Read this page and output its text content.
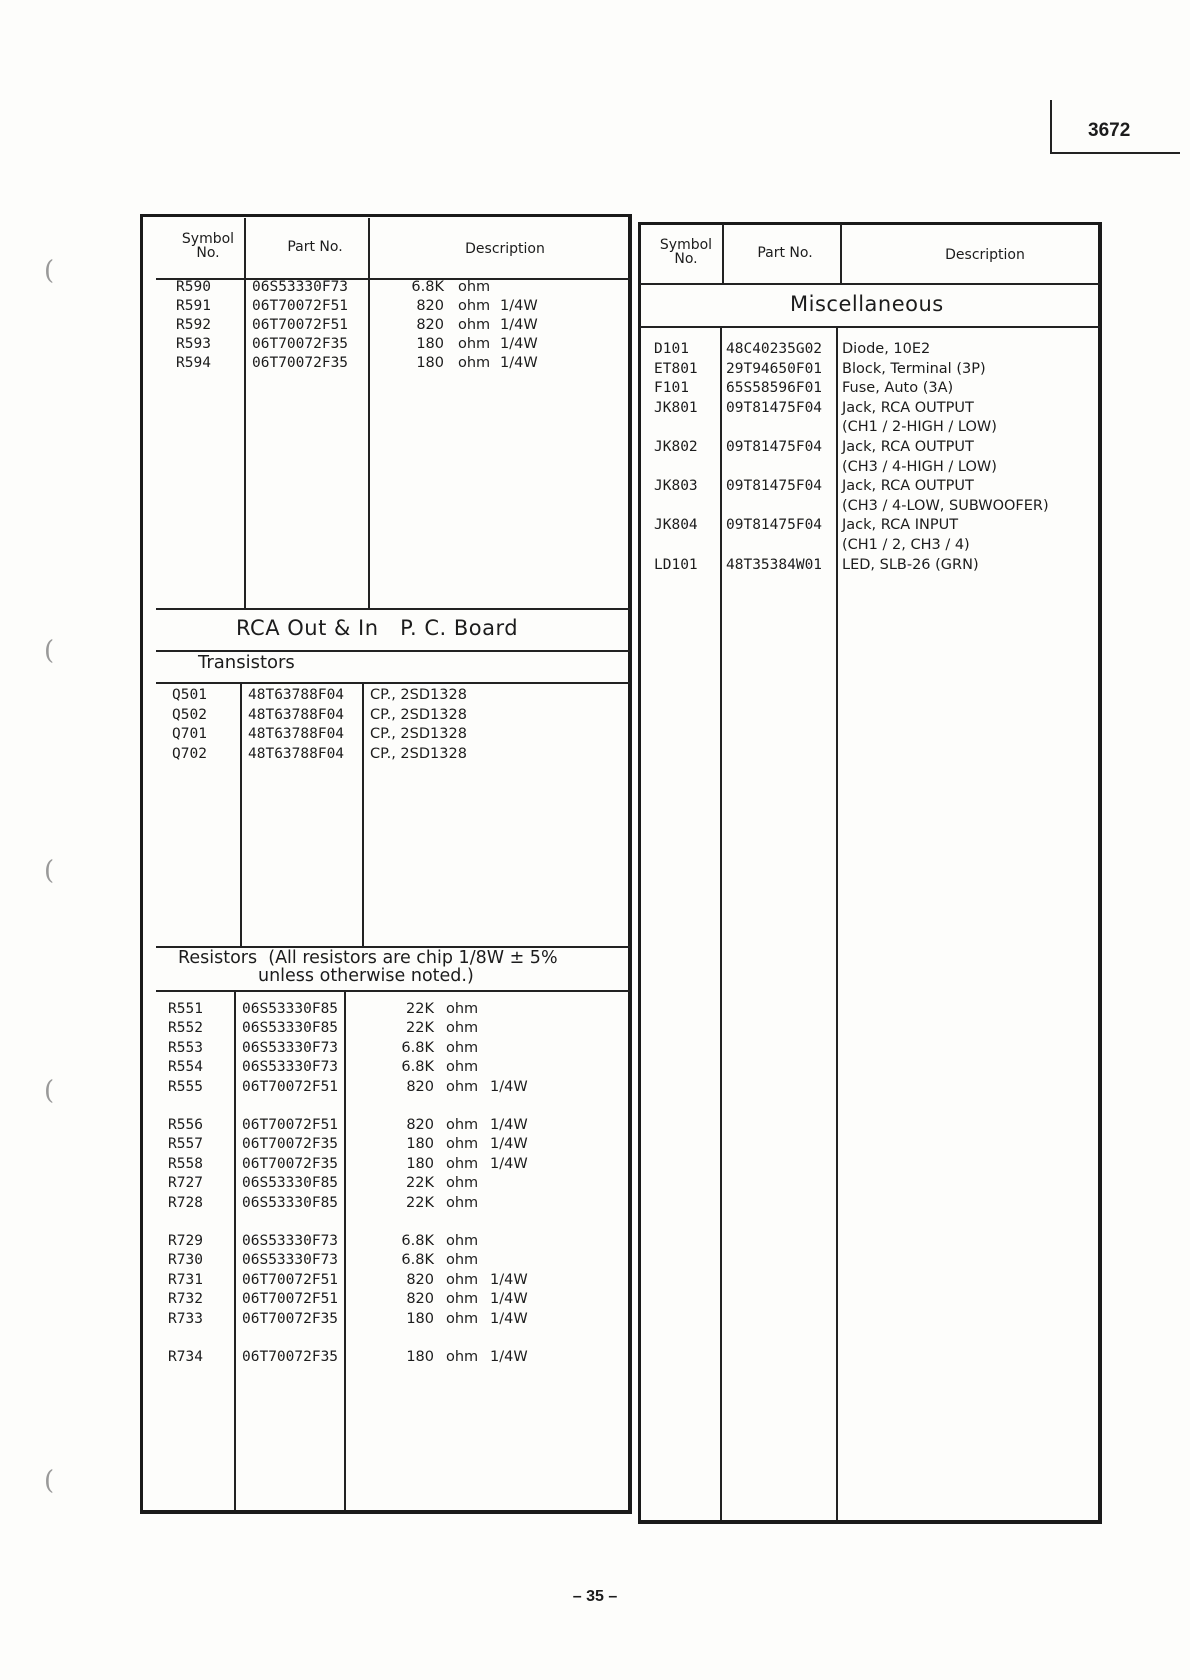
3672
(
(
(
(
(
Symbol
No.	Part No.	Description
R590	06S53330F73	6.8K ohm
R591	06T70072F51	820 ohm 1/4W
R592	06T70072F51	820 ohm 1/4W
R593	06T70072F35	180 ohm 1/4W
R594	06T70072F35	180 ohm 1/4W
RCA Out & In   P. C. Board
Transistors
Q501	48T63788F04 CP., 2SD1328
Q502	48T63788F04 CP., 2SD1328
Q701	48T63788F04 CP., 2SD1328
Q702	48T63788F04 CP., 2SD1328
Resistors  (All resistors are chip 1/8W ± 5%
unless otherwise noted.)
R551	06S53330F85	22K ohm
R552	06S53330F85	22K ohm
R553	06S53330F73	6.8K ohm
R554	06S53330F73	6.8K ohm
R555	06T70072F51	820 ohm 1/4W
R556	06T70072F51	820 ohm 1/4W
R557	06T70072F35	180 ohm 1/4W
R558	06T70072F35	180 ohm 1/4W
R727	06S53330F85	22K ohm
R728	06S53330F85	22K ohm
R729	06S53330F73	6.8K ohm
R730	06S53330F73	6.8K ohm
R731	06T70072F51	820 ohm 1/4W
R732	06T70072F51	820 ohm 1/4W
R733	06T70072F35	180 ohm 1/4W
R734	06T70072F35	180 ohm 1/4W
Symbol
No.	Part No.	Description
Miscellaneous
D101	48C40235G02 Diode, 10E2
ET801 29T94650F01 Block, Terminal (3P)
F101	65S58596F01 Fuse, Auto (3A)
JK801 09T81475F04 Jack, RCA OUTPUT
(CH1 / 2-HIGH / LOW)
JK802 09T81475F04 Jack, RCA OUTPUT
(CH3 / 4-HIGH / LOW)
JK803 09T81475F04 Jack, RCA OUTPUT
(CH3 / 4-LOW, SUBWOOFER)
JK804 09T81475F04 Jack, RCA INPUT
(CH1 / 2, CH3 / 4)
LD101 48T35384W01 LED, SLB-26 (GRN)
– 35 –
